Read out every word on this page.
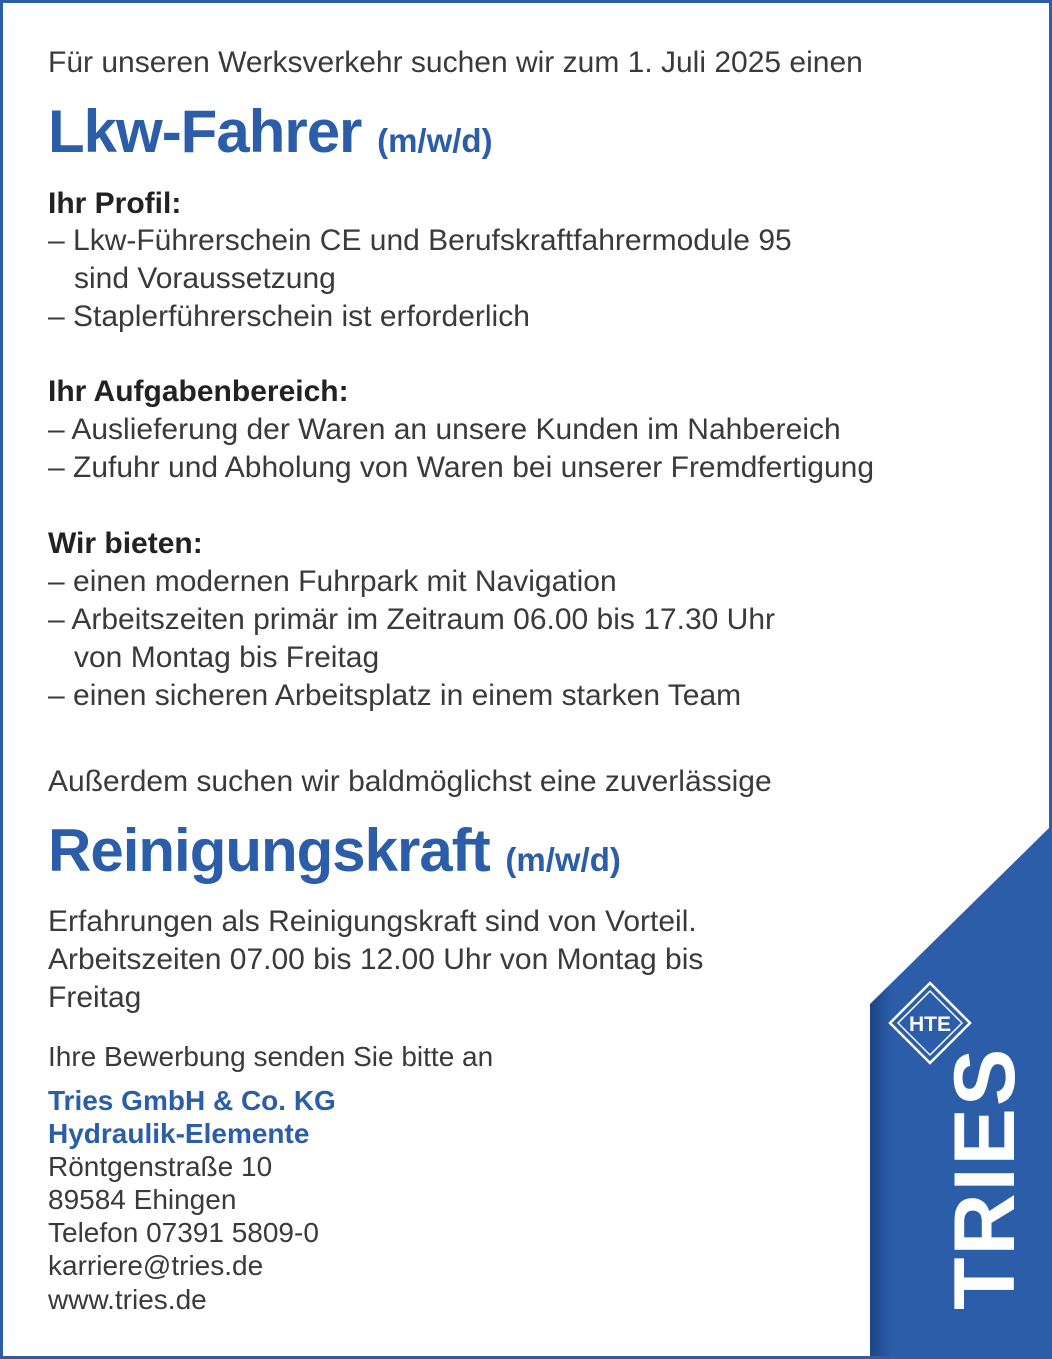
Für unseren Werksverkehr suchen wir zum 1. Juli 2025 einen
Lkw-Fahrer (m/w/d)
Ihr Profil:
– Lkw-Führerschein CE und Berufskraftfahrermodule 95
sind Voraussetzung
– Staplerführerschein ist erforderlich
Ihr Aufgabenbereich:
– Auslieferung der Waren an unsere Kunden im Nahbereich
– Zufuhr und Abholung von Waren bei unserer Fremdfertigung
Wir bieten:
– einen modernen Fuhrpark mit Navigation
– Arbeitszeiten primär im Zeitraum 06.00 bis 17.30 Uhr
von Montag bis Freitag
– einen sicheren Arbeitsplatz in einem starken Team
Außerdem suchen wir baldmöglichst eine zuverlässige
Reinigungskraft (m/w/d)
Erfahrungen als Reinigungskraft sind von Vorteil.
Arbeitszeiten 07.00 bis 12.00 Uhr von Montag bis
Freitag
Ihre Bewerbung senden Sie bitte an
Tries GmbH & Co. KG
Hydraulik-Elemente
Röntgenstraße 10
89584 Ehingen
Telefon 07391 5809-0
karriere@tries.de
www.tries.de
HTE
TRIES
